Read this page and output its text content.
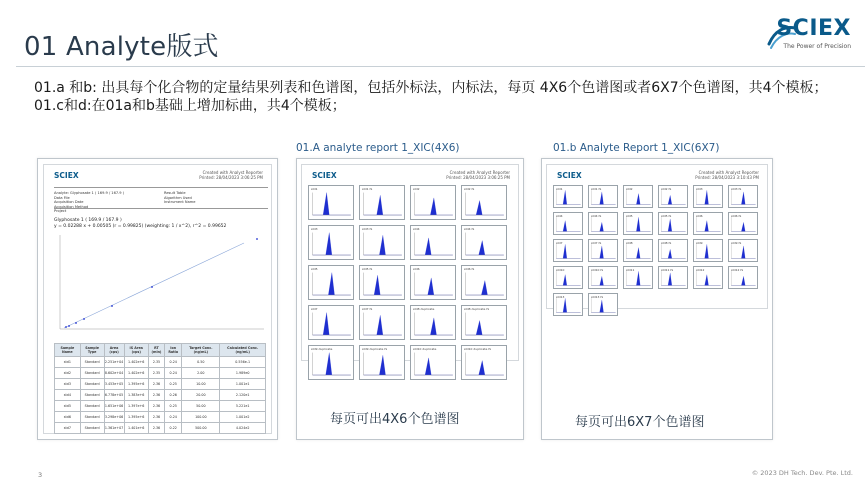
01 Analyte版式
SCIEX
The Power of Precision
01.a 和b: 出具每个化合物的定量结果列表和色谱图，包括外标法，内标法，每页 4X6个色谱图或者6X7个色谱图，共4个模板；
01.c和d:在01a和b基础上增加标曲，共4个模板；
01.A analyte report 1_XIC(4X6)	01.b Analyte Report 1_XIC(6X7)
SCIEX	Created with Analyst Reporter
Printed: 28/04/2023 3:06:25 PM
Analyte: Glyphosate 1 ( 169.9 / 167.9 )
Data File
Acquisition Date
Acquisition Method
Project
Result Table
Algorithm Used
Instrument Name
Glyphosate 1 ( 169.9 / 167.9 )
y = 0.02288 x + 0.00505 (r = 0.99825) (weighting: 1 / x^2), r^2 = 0.99652
Sample Name	Sample Type	Area (cps)	IS Area (cps)	RT (min)	Ion Ratio	Target Conc. (ng/mL)	Calculated Conc. (ng/mL)
std1	Standard	2.251e+04	1.402e+6	2.35	0.24	0.50	0.556e-1
std2	Standard	8.602e+04	1.402e+6	2.35	0.24	2.00	1.989e0
std3	Standard	3.453e+05	1.395e+6	2.36	0.25	10.00	1.001e1
std4	Standard	6.778e+05	1.383e+6	2.36	0.26	20.00	2.120e1
std5	Standard	1.651e+06	1.397e+6	2.36	0.25	50.00	5.221e1
std6	Standard	3.298e+06	1.395e+6	2.36	0.24	100.00	1.001e2
std7	Standard	1.361e+07	1.401e+6	2.36	0.22	500.00	4.024e2
SCIEX	Created with Analyst Reporter
Printed: 28/04/2023 3:06:25 PM
std1	std1 IS	std2	std2 IS
std3	std3 IS	std4	std4 IS
std5	std5 IS	std6	std6 IS
std7	std7 IS	std8 duplicate	std8 duplicate IS
std9 duplicate	std9 duplicate IS	std10 duplicate	std10 duplicate IS
每页可出4X6个色谱图
SCIEX	Created with Analyst Reporter
Printed: 28/04/2023 3:10:43 PM
std1	std1 IS	std2	std2 IS	std3	std3 IS
std4	std4 IS	std5	std5 IS	std6	std6 IS
std7	std7 IS	std8	std8 IS	std9	std9 IS
std10	std10 IS	std11	std11 IS	std12	std12 IS
std13	std13 IS
每页可出6X7个色谱图
3	© 2023 DH Tech. Dev. Pte. Ltd.
